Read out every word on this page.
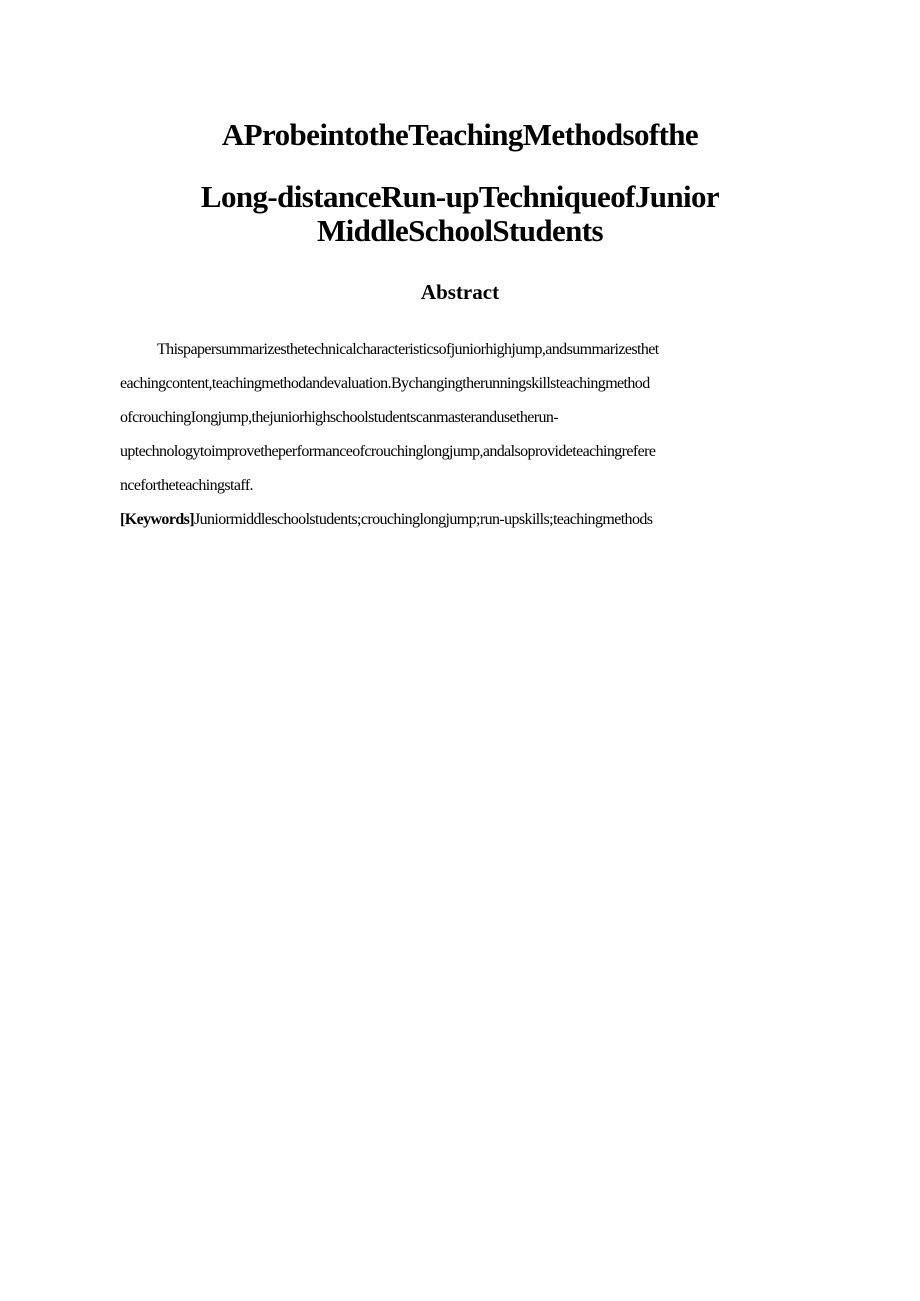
AProbeintotheTeachingMethodsofthe
Long-distanceRun-upTechniqueofJunior
MiddleSchoolStudents
Abstract
Thispapersummarizesthetechnicalcharacteristicsofjuniorhighjump,andsummarizesthet
eachingcontent,teachingmethodandevaluation.Bychangingtherunningskillsteachingmethod
ofcrouchingIongjump,thejuniorhighschoolstudentscanmasterandusetherun-
uptechnologytoimprovetheperformanceofcrouchinglongjump,andalsoprovideteachingrefere
ncefortheteachingstaff.
[Keywords]Juniormiddleschoolstudents;crouchinglongjump;run-upskills;teachingmethods
